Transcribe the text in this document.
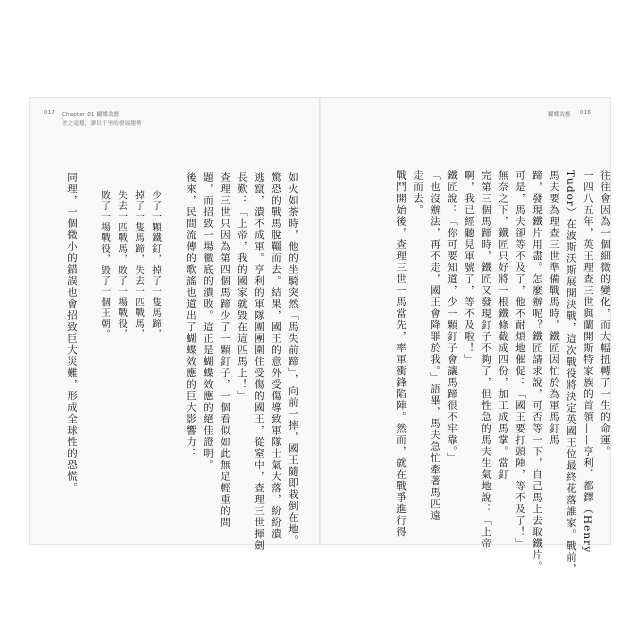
017 Chapter 01 蝴蝶效應
差之毫釐，謬以千里的發展趨勢
蝴蝶效應 016
如火如荼時，他的坐騎突然「馬失前蹄」，向前一摔，國王隨即栽倒在地。
驚恐的戰馬脫韁而去。結果，國王的意外受傷導致軍隊士氣大落，紛紛潰
逃竄，潰不成軍。亨利的軍隊團團圍住受傷的國王，從窒中，查理三世揮劍
長歎：「上帝，我的國家就毀在這匹馬上！」
查理三世只因為第四個馬蹄少了一顆釘子，一個看似如此無足輕重的問
題，而招致一場徹底的潰敗。這正是蝴蝶效應的絕佳證明。
後來，民間流傳的歌謠也道出了蝴蝶效應的巨大影響力：
少了一顆鐵釘，掉了一隻馬蹄，
掉了一隻馬蹄，失去一匹戰馬，
失去一匹戰馬，敗了一場戰役，
敗了一場戰役，毀了一個王朝。
同理，一個微小的錯誤也會招致巨大災難，形成全球性的恐慌。	往往會因為一個細微的變化，而大幅扭轉了一生的命運。
一四八五年，英王理查三世與蘭開斯特家族的首領——亨利．都鐸（Henry
Tudor）在波斯沃斯展開決戰，這次戰役將決定英國王位最終花落誰家。戰前，
馬夫要為理查三世準備戰馬時，鐵匠因忙於為軍馬釘馬
蹄，發現鐵片用盡。怎麼辦呢？鐵匠請求說，可否等一下，自己馬上去取鐵片。
可是，馬夫卻等不及了，他不耐煩地催促：「國王要打頭陣，等不及了！」
無奈之下，鐵匠只好將一根鐵條截成四份，加工成馬掌。當釘
完第三個馬蹄時，鐵匠又發現釘子不夠了，但性急的馬夫生氣地說：「上帝
啊，我已經聽見軍號了，等不及啦！」
鐵匠說：「你可要知道，少一顆釘子會讓馬蹄很不牢靠。」
「也沒辦法，再不走，國王會降罪於我。」語畢，馬夫急忙牽著馬匹遠
走而去。
戰鬥開始後，查理三世一馬當先，率軍衝鋒陷陣。然而，就在戰爭進行得
